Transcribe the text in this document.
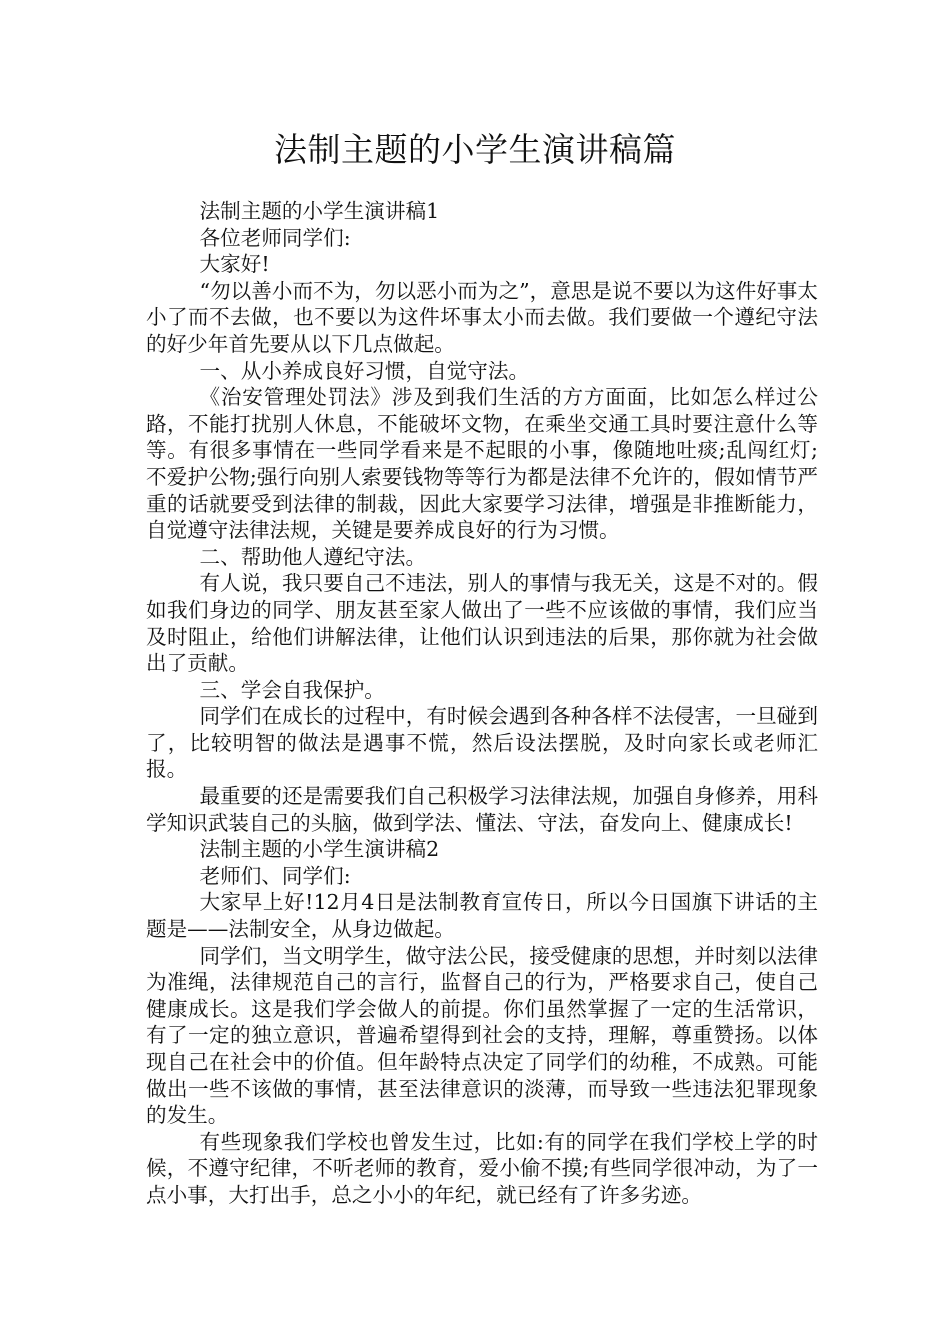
法制主题的小学生演讲稿篇

法制主题的小学生演讲稿1

各位老师同学们:

大家好!

“勿以善小而不为，勿以恶小而为之”，意思是说不要以为这件好事太小了而不去做，也不要以为这件坏事太小而去做。我们要做一个遵纪守法的好少年首先要从以下几点做起。

一、从小养成良好习惯，自觉守法。

《治安管理处罚法》涉及到我们生活的方方面面，比如怎么样过公路，不能打扰别人休息，不能破坏文物，在乘坐交通工具时要注意什么等等。有很多事情在一些同学看来是不起眼的小事，像随地吐痰;乱闯红灯;不爱护公物;强行向别人索要钱物等等行为都是法律不允许的，假如情节严重的话就要受到法律的制裁，因此大家要学习法律，增强是非推断能力，自觉遵守法律法规，关键是要养成良好的行为习惯。

二、帮助他人遵纪守法。

有人说，我只要自己不违法，别人的事情与我无关，这是不对的。假如我们身边的同学、朋友甚至家人做出了一些不应该做的事情，我们应当及时阻止，给他们讲解法律，让他们认识到违法的后果，那你就为社会做出了贡献。

三、学会自我保护。

同学们在成长的过程中，有时候会遇到各种各样不法侵害，一旦碰到了，比较明智的做法是遇事不慌，然后设法摆脱，及时向家长或老师汇报。

最重要的还是需要我们自己积极学习法律法规，加强自身修养，用科学知识武装自己的头脑，做到学法、懂法、守法，奋发向上、健康成长!

法制主题的小学生演讲稿2

老师们、同学们:

大家早上好!12月4日是法制教育宣传日，所以今日国旗下讲话的主题是——法制安全，从身边做起。

同学们，当文明学生，做守法公民，接受健康的思想，并时刻以法律为准绳，法律规范自己的言行，监督自己的行为，严格要求自己，使自己健康成长。这是我们学会做人的前提。你们虽然掌握了一定的生活常识，有了一定的独立意识，普遍希望得到社会的支持，理解，尊重赞扬。以体现自己在社会中的价值。但年龄特点决定了同学们的幼稚，不成熟。可能做出一些不该做的事情，甚至法律意识的淡薄，而导致一些违法犯罪现象的发生。

有些现象我们学校也曾发生过，比如:有的同学在我们学校上学的时候，不遵守纪律，不听老师的教育，爱小偷不摸;有些同学很冲动，为了一点小事，大打出手，总之小小的年纪，就已经有了许多劣迹。
